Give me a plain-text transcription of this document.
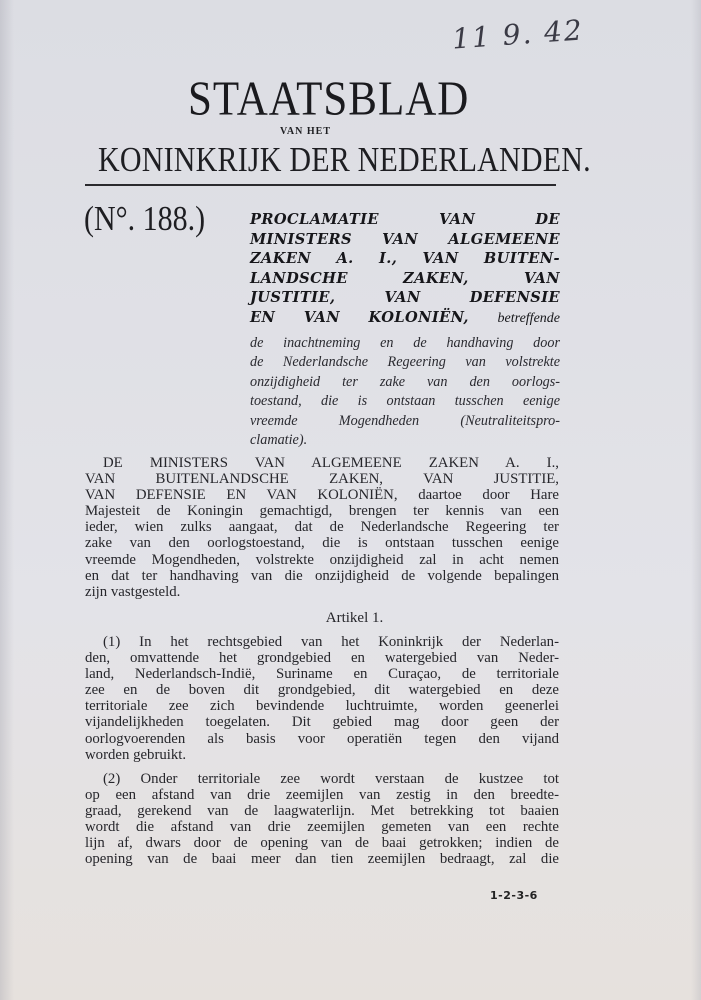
11 9. 42
STAATSBLAD
VAN HET
KONINKRIJK DER NEDERLANDEN.
(N°. 188.)	PROCLAMATIE VAN DE
MINISTERS VAN ALGEMEENE
ZAKEN A. I., VAN BUITEN-
LANDSCHE ZAKEN, VAN
JUSTITIE, VAN DEFENSIE
EN VAN KOLONIËN, betreffende
de inachtneming en de handhaving door
de Nederlandsche Regeering van volstrekte
onzijdigheid ter zake van den oorlogs-
toestand, die is ontstaan tusschen eenige
vreemde Mogendheden (Neutraliteitspro-
clamatie).
DE MINISTERS VAN ALGEMEENE ZAKEN A. I.,
VAN BUITENLANDSCHE ZAKEN, VAN JUSTITIE,
VAN DEFENSIE EN VAN KOLONIËN, daartoe door Hare
Majesteit de Koningin gemachtigd, brengen ter kennis van een
ieder, wien zulks aangaat, dat de Nederlandsche Regeering ter
zake van den oorlogstoestand, die is ontstaan tusschen eenige
vreemde Mogendheden, volstrekte onzijdigheid zal in acht nemen
en dat ter handhaving van die onzijdigheid de volgende bepalingen
zijn vastgesteld.
Artikel 1.
(1) In het rechtsgebied van het Koninkrijk der Nederlan-
den, omvattende het grondgebied en watergebied van Neder-
land, Nederlandsch-Indië, Suriname en Curaçao, de territoriale
zee en de boven dit grondgebied, dit watergebied en deze
territoriale zee zich bevindende luchtruimte, worden geenerlei
vijandelijkheden toegelaten. Dit gebied mag door geen der
oorlogvoerenden als basis voor operatiën tegen den vijand
worden gebruikt.
(2) Onder territoriale zee wordt verstaan de kustzee tot
op een afstand van drie zeemijlen van zestig in den breedte-
graad, gerekend van de laagwaterlijn. Met betrekking tot baaien
wordt die afstand van drie zeemijlen gemeten van een rechte
lijn af, dwars door de opening van de baai getrokken; indien de
opening van de baai meer dan tien zeemijlen bedraagt, zal die
1-2-3-6
